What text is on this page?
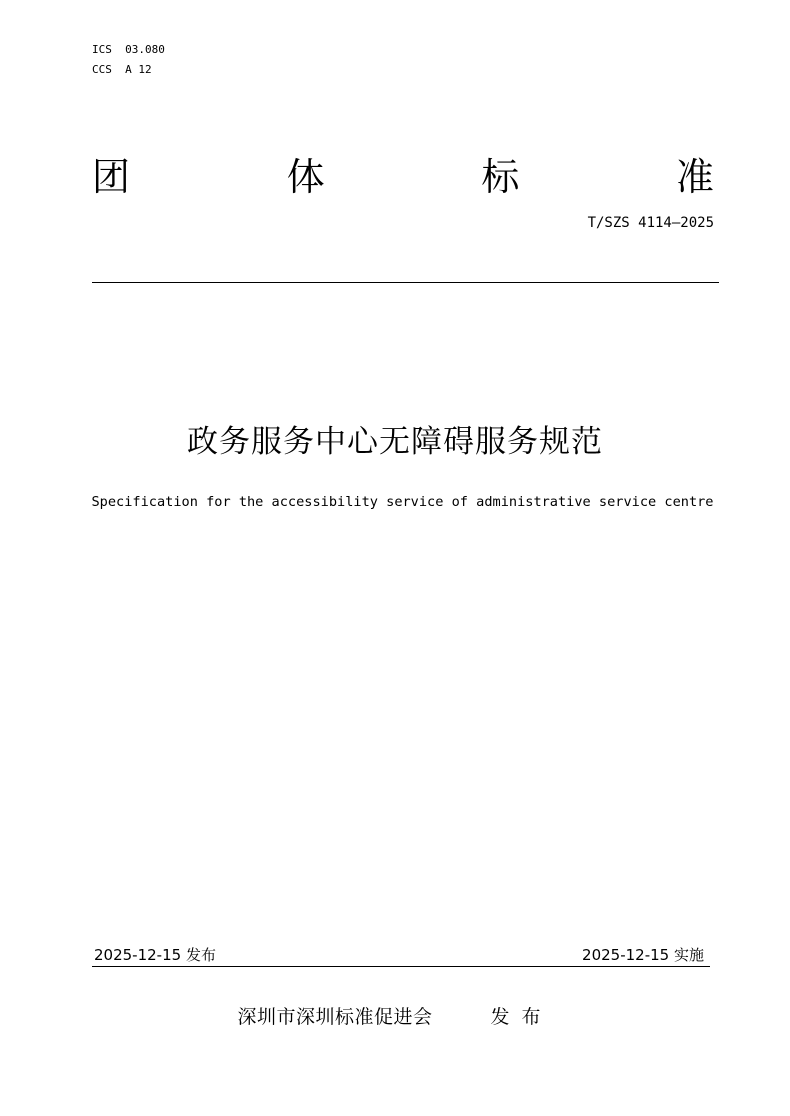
ICS  03.080
CCS  A 12
团	体	标	准
T/SZS 4114—2025
政务服务中心无障碍服务规范
Specification for the accessibility service of administrative service centre
2025-12-15 发布	2025-12-15 实施
深圳市深圳标准促进会	发布
